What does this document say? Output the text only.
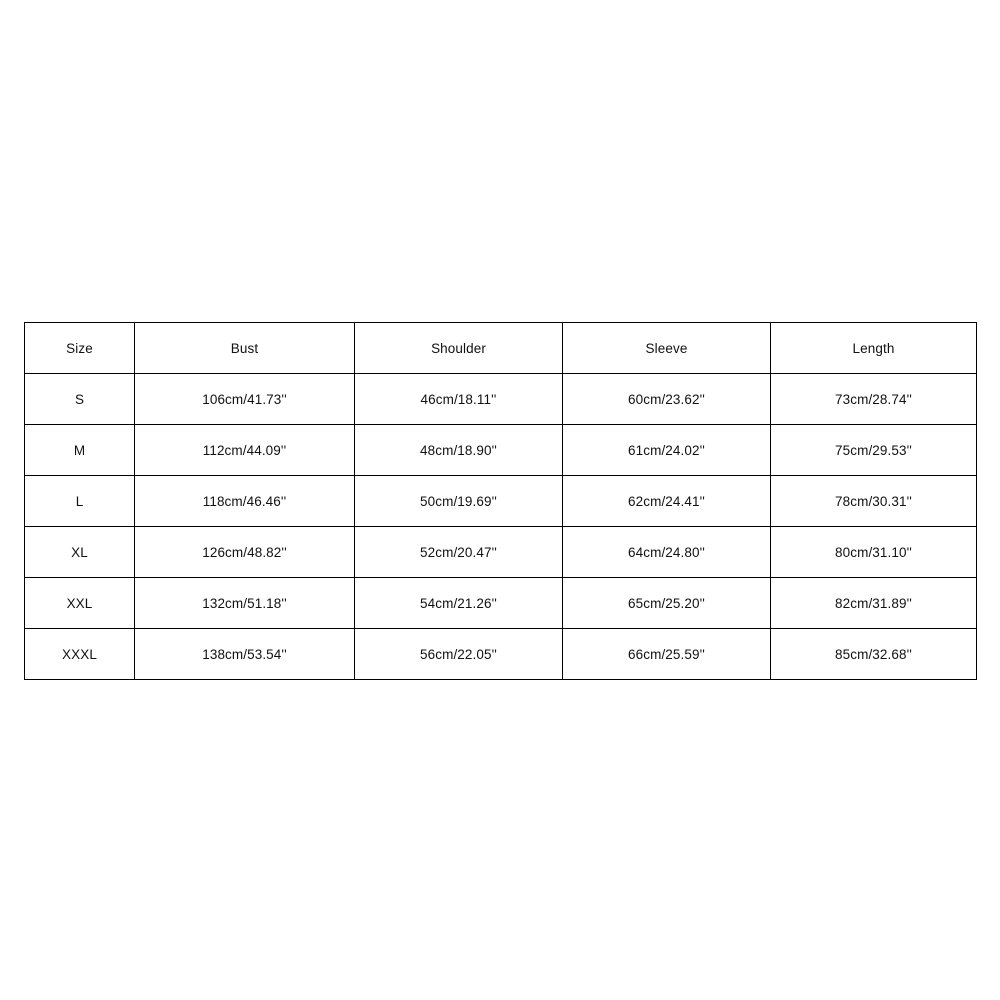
Size	Bust	Shoulder	Sleeve	Length
S	106cm/41.73''	46cm/18.11''	60cm/23.62''	73cm/28.74''
M	112cm/44.09''	48cm/18.90''	61cm/24.02''	75cm/29.53''
L	118cm/46.46''	50cm/19.69''	62cm/24.41''	78cm/30.31''
XL	126cm/48.82''	52cm/20.47''	64cm/24.80''	80cm/31.10''
XXL	132cm/51.18''	54cm/21.26''	65cm/25.20''	82cm/31.89''
XXXL	138cm/53.54''	56cm/22.05''	66cm/25.59''	85cm/32.68''
